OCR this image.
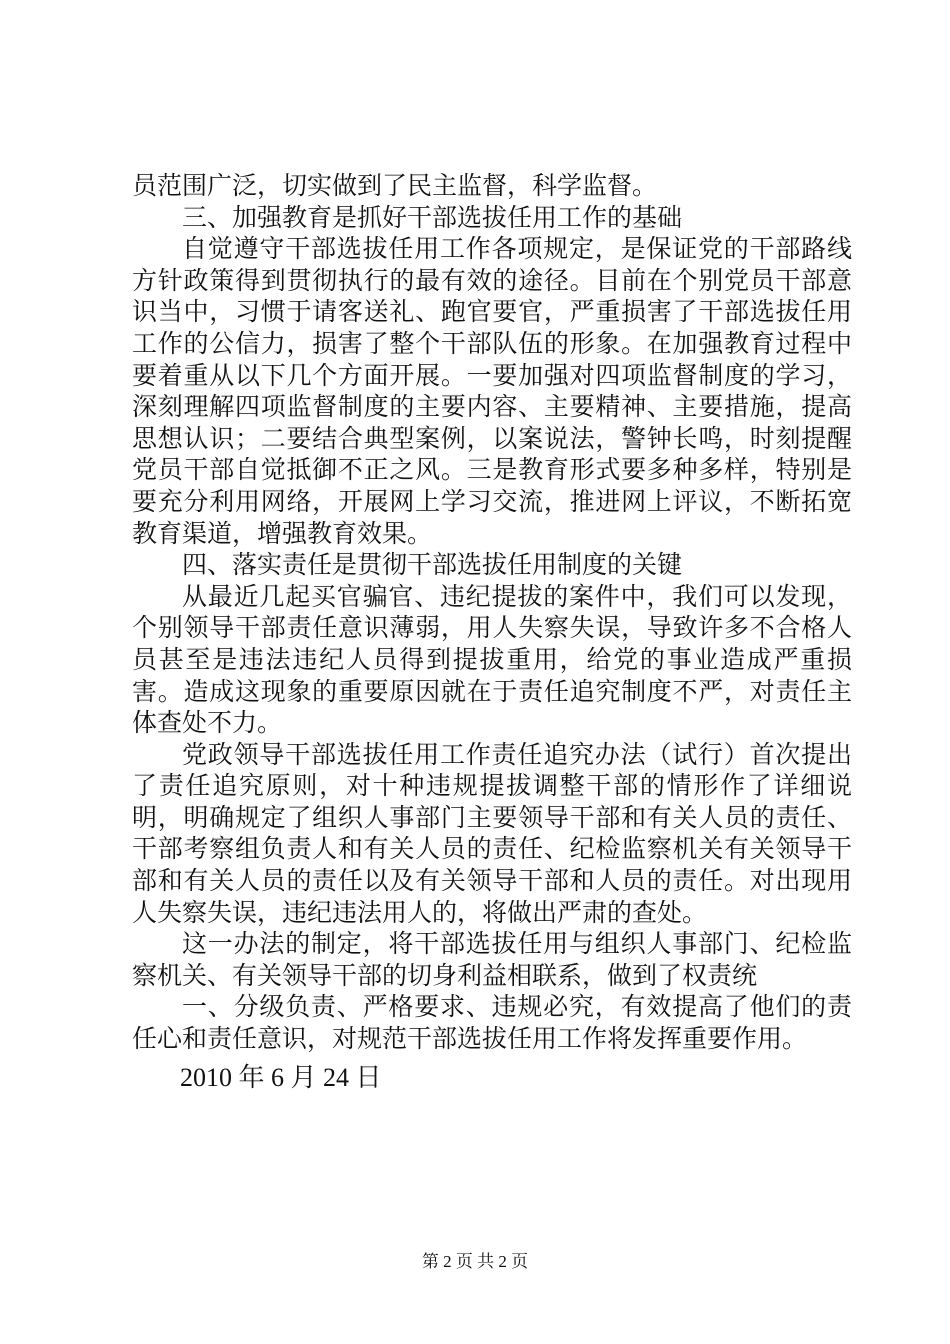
员范围广泛，切实做到了民主监督，科学监督。

三、加强教育是抓好干部选拔任用工作的基础

自觉遵守干部选拔任用工作各项规定，是保证党的干部路线方针政策得到贯彻执行的最有效的途径。目前在个别党员干部意识当中，习惯于请客送礼、跑官要官，严重损害了干部选拔任用工作的公信力，损害了整个干部队伍的形象。在加强教育过程中要着重从以下几个方面开展。一要加强对四项监督制度的学习，深刻理解四项监督制度的主要内容、主要精神、主要措施，提高思想认识；二要结合典型案例，以案说法，警钟长鸣，时刻提醒党员干部自觉抵御不正之风。三是教育形式要多种多样，特别是要充分利用网络，开展网上学习交流，推进网上评议，不断拓宽教育渠道，增强教育效果。

四、落实责任是贯彻干部选拔任用制度的关键

从最近几起买官骗官、违纪提拔的案件中，我们可以发现，个别领导干部责任意识薄弱，用人失察失误，导致许多不合格人员甚至是违法违纪人员得到提拔重用，给党的事业造成严重损害。造成这现象的重要原因就在于责任追究制度不严，对责任主体查处不力。

党政领导干部选拔任用工作责任追究办法（试行）首次提出了责任追究原则，对十种违规提拔调整干部的情形作了详细说明，明确规定了组织人事部门主要领导干部和有关人员的责任、干部考察组负责人和有关人员的责任、纪检监察机关有关领导干部和有关人员的责任以及有关领导干部和人员的责任。对出现用人失察失误，违纪违法用人的，将做出严肃的查处。

这一办法的制定，将干部选拔任用与组织人事部门、纪检监察机关、有关领导干部的切身利益相联系，做到了权责统

一、分级负责、严格要求、违规必究，有效提高了他们的责任心和责任意识，对规范干部选拔任用工作将发挥重要作用。

2010 年 6 月 24 日
第 2 页 共 2 页
